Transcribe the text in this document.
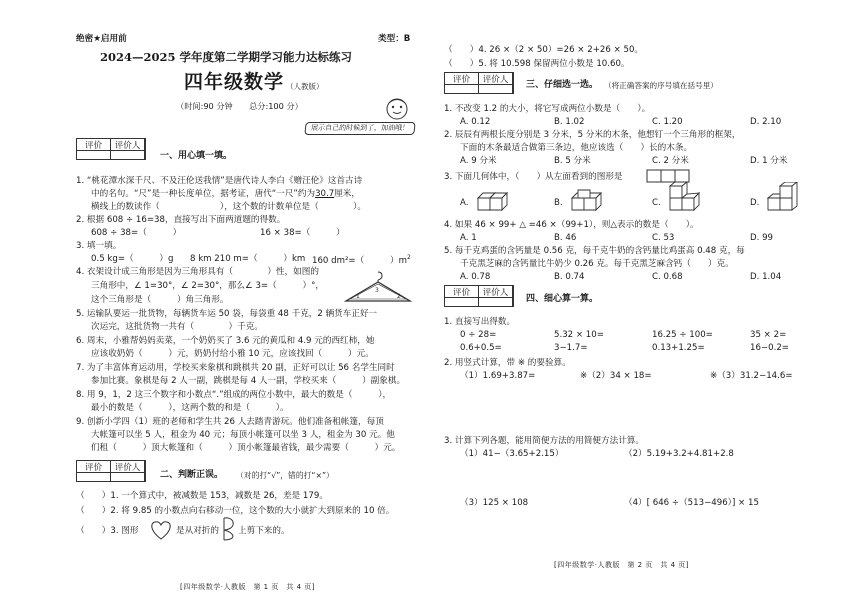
绝密★启用前	类型：B
2024—2025 学年度第二学期学习能力达标练习
四年级数学 （人教版）
（时间:90 分钟　　总分:100 分）
展示自己的时候到了，加油哦！
评价	评价人
一、用心填一填。
1. “桃花潭水深千尺、不及汪伦送我情”是唐代诗人李白《赠汪伦》这首古诗
中的名句。“尺”是一种长度单位，据考证，唐代“一尺”约为30.7厘米，
横线上的数读作（　　　　　　　），这个数的计数单位是（　　　　）。
2. 根据 608 ÷ 16=38，直接写出下面两道题的得数。
608 ÷ 38=（　　　）	16 × 38=（　　　）
3. 填一填。
0.5 kg=（　　　）g 8 km 210 m=（　　　）km 160 dm²=（　　　）$m^2$
4. 衣架设计成三角形是因为三角形具有（　　　　）性，如图的
三角形中，∠ 1=30°，∠ 2=30°，那么∠ 3=（　　　）°，
这个三角形是（　　　）角三角形。	1
3
2
5. 运输队要运一批货物，每辆货车运 50 袋，每袋重 48 千克，2 辆货车正好一
次运完，这批货物一共有（　　　　）千克。
6. 周末，小雅帮妈妈卖菜，一个奶奶买了 3.6 元的黄瓜和 4.9 元的西红柿，她
应该收奶奶（　　　）元，奶奶付给小雅 10 元，应该找回（　　　）元。
7. 为了丰富体育运动用，学校买来象棋和跳棋共 20 副，正好可以让 56 名学生同时
参加比赛。象棋是每 2 人一副，跳棋是每 4 人一副，学校买来（　　　）副象棋。
8. 用 9，1，2 这三个数字和小数点“.”组成的两位小数中，最大的数是（　　　），
最小的数是（　　　），这两个数的和是（　　　）。
9. 创新小学四（1）班的老师和学生共 26 人去踏青游玩。他们准备租帐篷，每顶
大帐篷可以坐 5 人，租金为 40 元；每顶小帐篷可以坐 3 人，租金为 30 元。他
们租（　　　）顶大帐篷和（　　　）顶小帐篷最省钱，最少需要（　　　）元。
评价	评价人
二、判断正误。 （对的打“√”，错的打“×”）
（　　）1. 一个算式中，被减数是 153，减数是 26，差是 179。
（　　）2. 将 9.85 的小数点向右移动一位，这个数的大小就扩大到原来的 10 倍。
（　　）3. 图形	是从对折的 上剪下来的。
[四年级数学·人教版　第 1 页　共 4 页]
（　　）4. 26 ×（2 × 50）=26 × 2+26 × 50。
（　　）5. 将 10.598 保留两位小数是 10.60。
评价	评价人	三、仔细选一选。 （将正确答案的序号填在括号里）
1. 不改变 1.2 的大小，将它写成两位小数是（　　）。
A. 0.12	B. 1.02	C. 1.20	D. 2.10
2. 辰辰有两根长度分别是 3 分米，5 分米的木条，他想钉一个三角形的框架，
下面的木条最适合做第三条边，他应该选（　　）长的木条。
A. 9 分米	B. 5 分米	C. 2 分米	D. 1 分米
3. 下面几何体中，（　　）从左面看到的图形是
A.	B.	C.	D.
4. 如果 46 × 99+ △ =46 ×（99+1），则△表示的数是（　　）。
A. 1	B. 46	C. 53	D. 99
5. 每千克鸡蛋的含钙量是 0.56 克，每千克牛奶的含钙量比鸡蛋高 0.48 克，每
千克黑芝麻的含钙量比牛奶少 0.26 克。每千克黑芝麻含钙（　　）克。
A. 0.78	B. 0.74	C. 0.68	D. 1.04
评价	评价人
四、细心算一算。
1. 直接写出得数。
0 ÷ 28=	5.32 × 10=	16.25 ÷ 100=	35 × 2=
0.6+0.5=	3−1.7=	0.13+1.25=	16−0.2=
2. 用竖式计算，带 ※ 的要验算。
（1）1.69+3.87=	※（2）34 × 18=	※（3）31.2−14.6=
3. 计算下列各题，能用简便方法的用简便方法计算。
（1）41−（3.65+2.15）	（2）5.19+3.2+4.81+2.8
（3）125 × 108	（4）[ 646 ÷（513−496）] × 15
[四年级数学·人教版　第 2 页　共 4 页]
